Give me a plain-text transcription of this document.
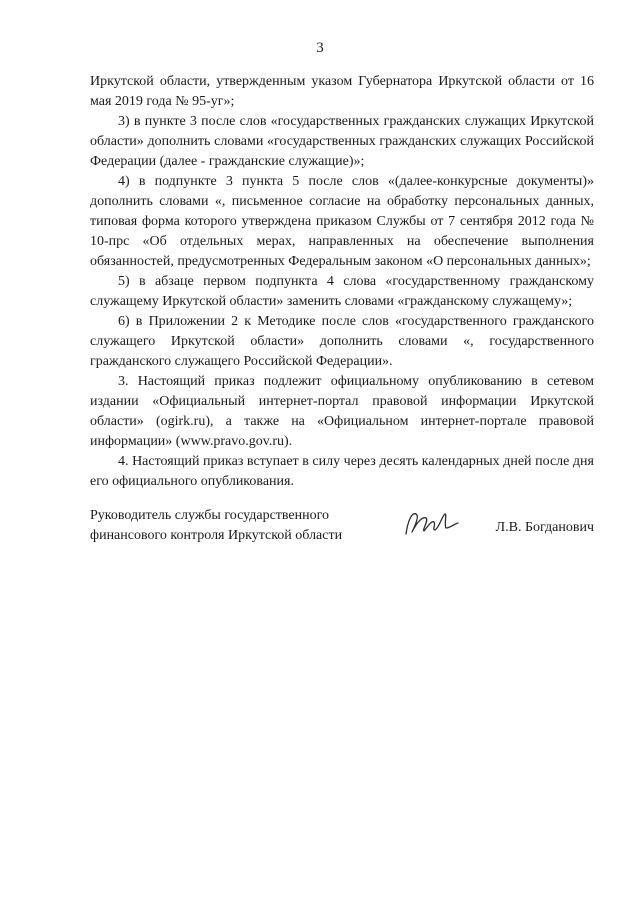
3

Иркутской области, утвержденным указом Губернатора Иркутской области от 16 мая 2019 года № 95-уг»;

3) в пункте 3 после слов «государственных гражданских служащих Иркутской области» дополнить словами «государственных гражданских служащих Российской Федерации (далее - гражданские служащие)»;

4) в подпункте 3 пункта 5 после слов «(далее-конкурсные документы)» дополнить словами «, письменное согласие на обработку персональных данных, типовая форма которого утверждена приказом Службы от 7 сентября 2012 года № 10-прс «Об отдельных мерах, направленных на обеспечение выполнения обязанностей, предусмотренных Федеральным законом «О персональных данных»;

5) в абзаце первом подпункта 4 слова «государственному гражданскому служащему Иркутской области» заменить словами «гражданскому служащему»;

6) в Приложении 2 к Методике после слов «государственного гражданского служащего Иркутской области» дополнить словами «, государственного гражданского служащего Российской Федерации».

3. Настоящий приказ подлежит официальному опубликованию в сетевом издании «Официальный интернет-портал правовой информации Иркутской области» (ogirk.ru), а также на «Официальном интернет-портале правовой информации» (www.pravo.gov.ru).

4. Настоящий приказ вступает в силу через десять календарных дней после дня его официального опубликования.

Руководитель службы государственного
финансового контроля Иркутской области
Л.В. Богданович
